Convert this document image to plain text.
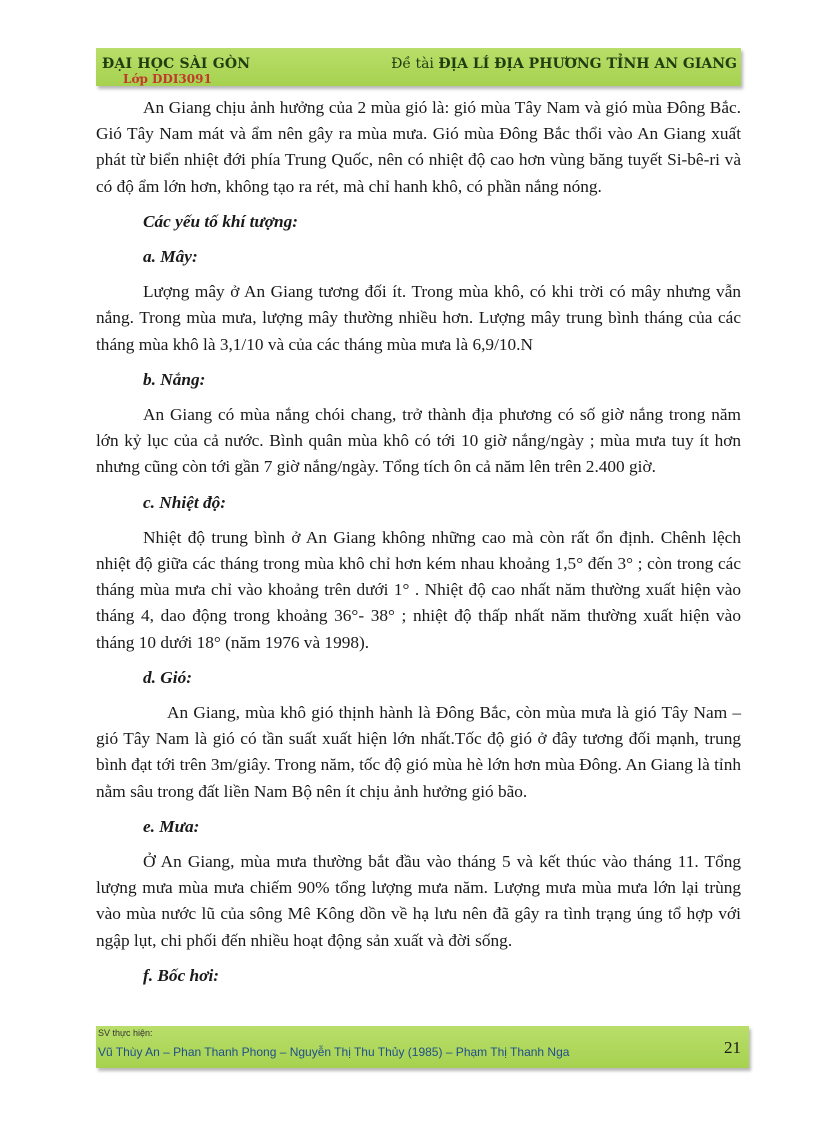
ĐẠI HỌC SÀI GÒN
Lớp DDI3091
Đề tài ĐỊA LÍ ĐỊA PHƯƠNG TỈNH AN GIANG

An Giang chịu ảnh hưởng của 2 mùa gió là: gió mùa Tây Nam và gió mùa Đông Bắc. Gió Tây Nam mát và ẩm nên gây ra mùa mưa. Gió mùa Đông Bắc thổi vào An Giang xuất phát từ biển nhiệt đới phía Trung Quốc, nên có nhiệt độ cao hơn vùng băng tuyết Si-bê-ri và có độ ẩm lớn hơn, không tạo ra rét, mà chỉ hanh khô, có phần nắng nóng.

Các yếu tố khí tượng:

a. Mây:

Lượng mây ở An Giang tương đối ít. Trong mùa khô, có khi trời có mây nhưng vẫn nắng. Trong mùa mưa, lượng mây thường nhiều hơn. Lượng mây trung bình tháng của các tháng mùa khô là 3,1/10 và của các tháng mùa mưa là 6,9/10.N

b. Nắng:

An Giang có mùa nắng chói chang, trở thành địa phương có số giờ nắng trong năm lớn kỷ lục của cả nước. Bình quân mùa khô có tới 10 giờ nắng/ngày ; mùa mưa tuy ít hơn nhưng cũng còn tới gần 7 giờ nắng/ngày. Tổng tích ôn cả năm lên trên 2.400 giờ.

c. Nhiệt độ:

Nhiệt độ trung bình ở An Giang không những cao mà còn rất ổn định. Chênh lệch nhiệt độ giữa các tháng trong mùa khô chỉ hơn kém nhau khoảng 1,5° đến 3° ; còn trong các tháng mùa mưa chỉ vào khoảng trên dưới 1° . Nhiệt độ cao nhất năm thường xuất hiện vào tháng 4, dao động trong khoảng 36°- 38° ; nhiệt độ thấp nhất năm thường xuất hiện vào tháng 10 dưới 18° (năm 1976 và 1998).

d. Gió:

An Giang, mùa khô gió thịnh hành là Đông Bắc, còn mùa mưa là gió Tây Nam – gió Tây Nam là gió có tần suất xuất hiện lớn nhất.Tốc độ gió ở đây tương đối mạnh, trung bình đạt tới trên 3m/giây. Trong năm, tốc độ gió mùa hè lớn hơn mùa Đông. An Giang là tỉnh nằm sâu trong đất liền Nam Bộ nên ít chịu ảnh hưởng gió bão.

e. Mưa:

Ở An Giang, mùa mưa thường bắt đầu vào tháng 5 và kết thúc vào tháng 11. Tổng lượng mưa mùa mưa chiếm 90% tổng lượng mưa năm. Lượng mưa mùa mưa lớn lại trùng vào mùa nước lũ của sông Mê Kông dồn về hạ lưu nên đã gây ra tình trạng úng tổ hợp với ngập lụt, chi phối đến nhiều hoạt động sản xuất và đời sống.

f. Bốc hơi:

SV thực hiện:
Vũ Thùy An – Phan Thanh Phong – Nguyễn Thị Thu Thủy (1985) – Phạm Thị Thanh Nga	21
